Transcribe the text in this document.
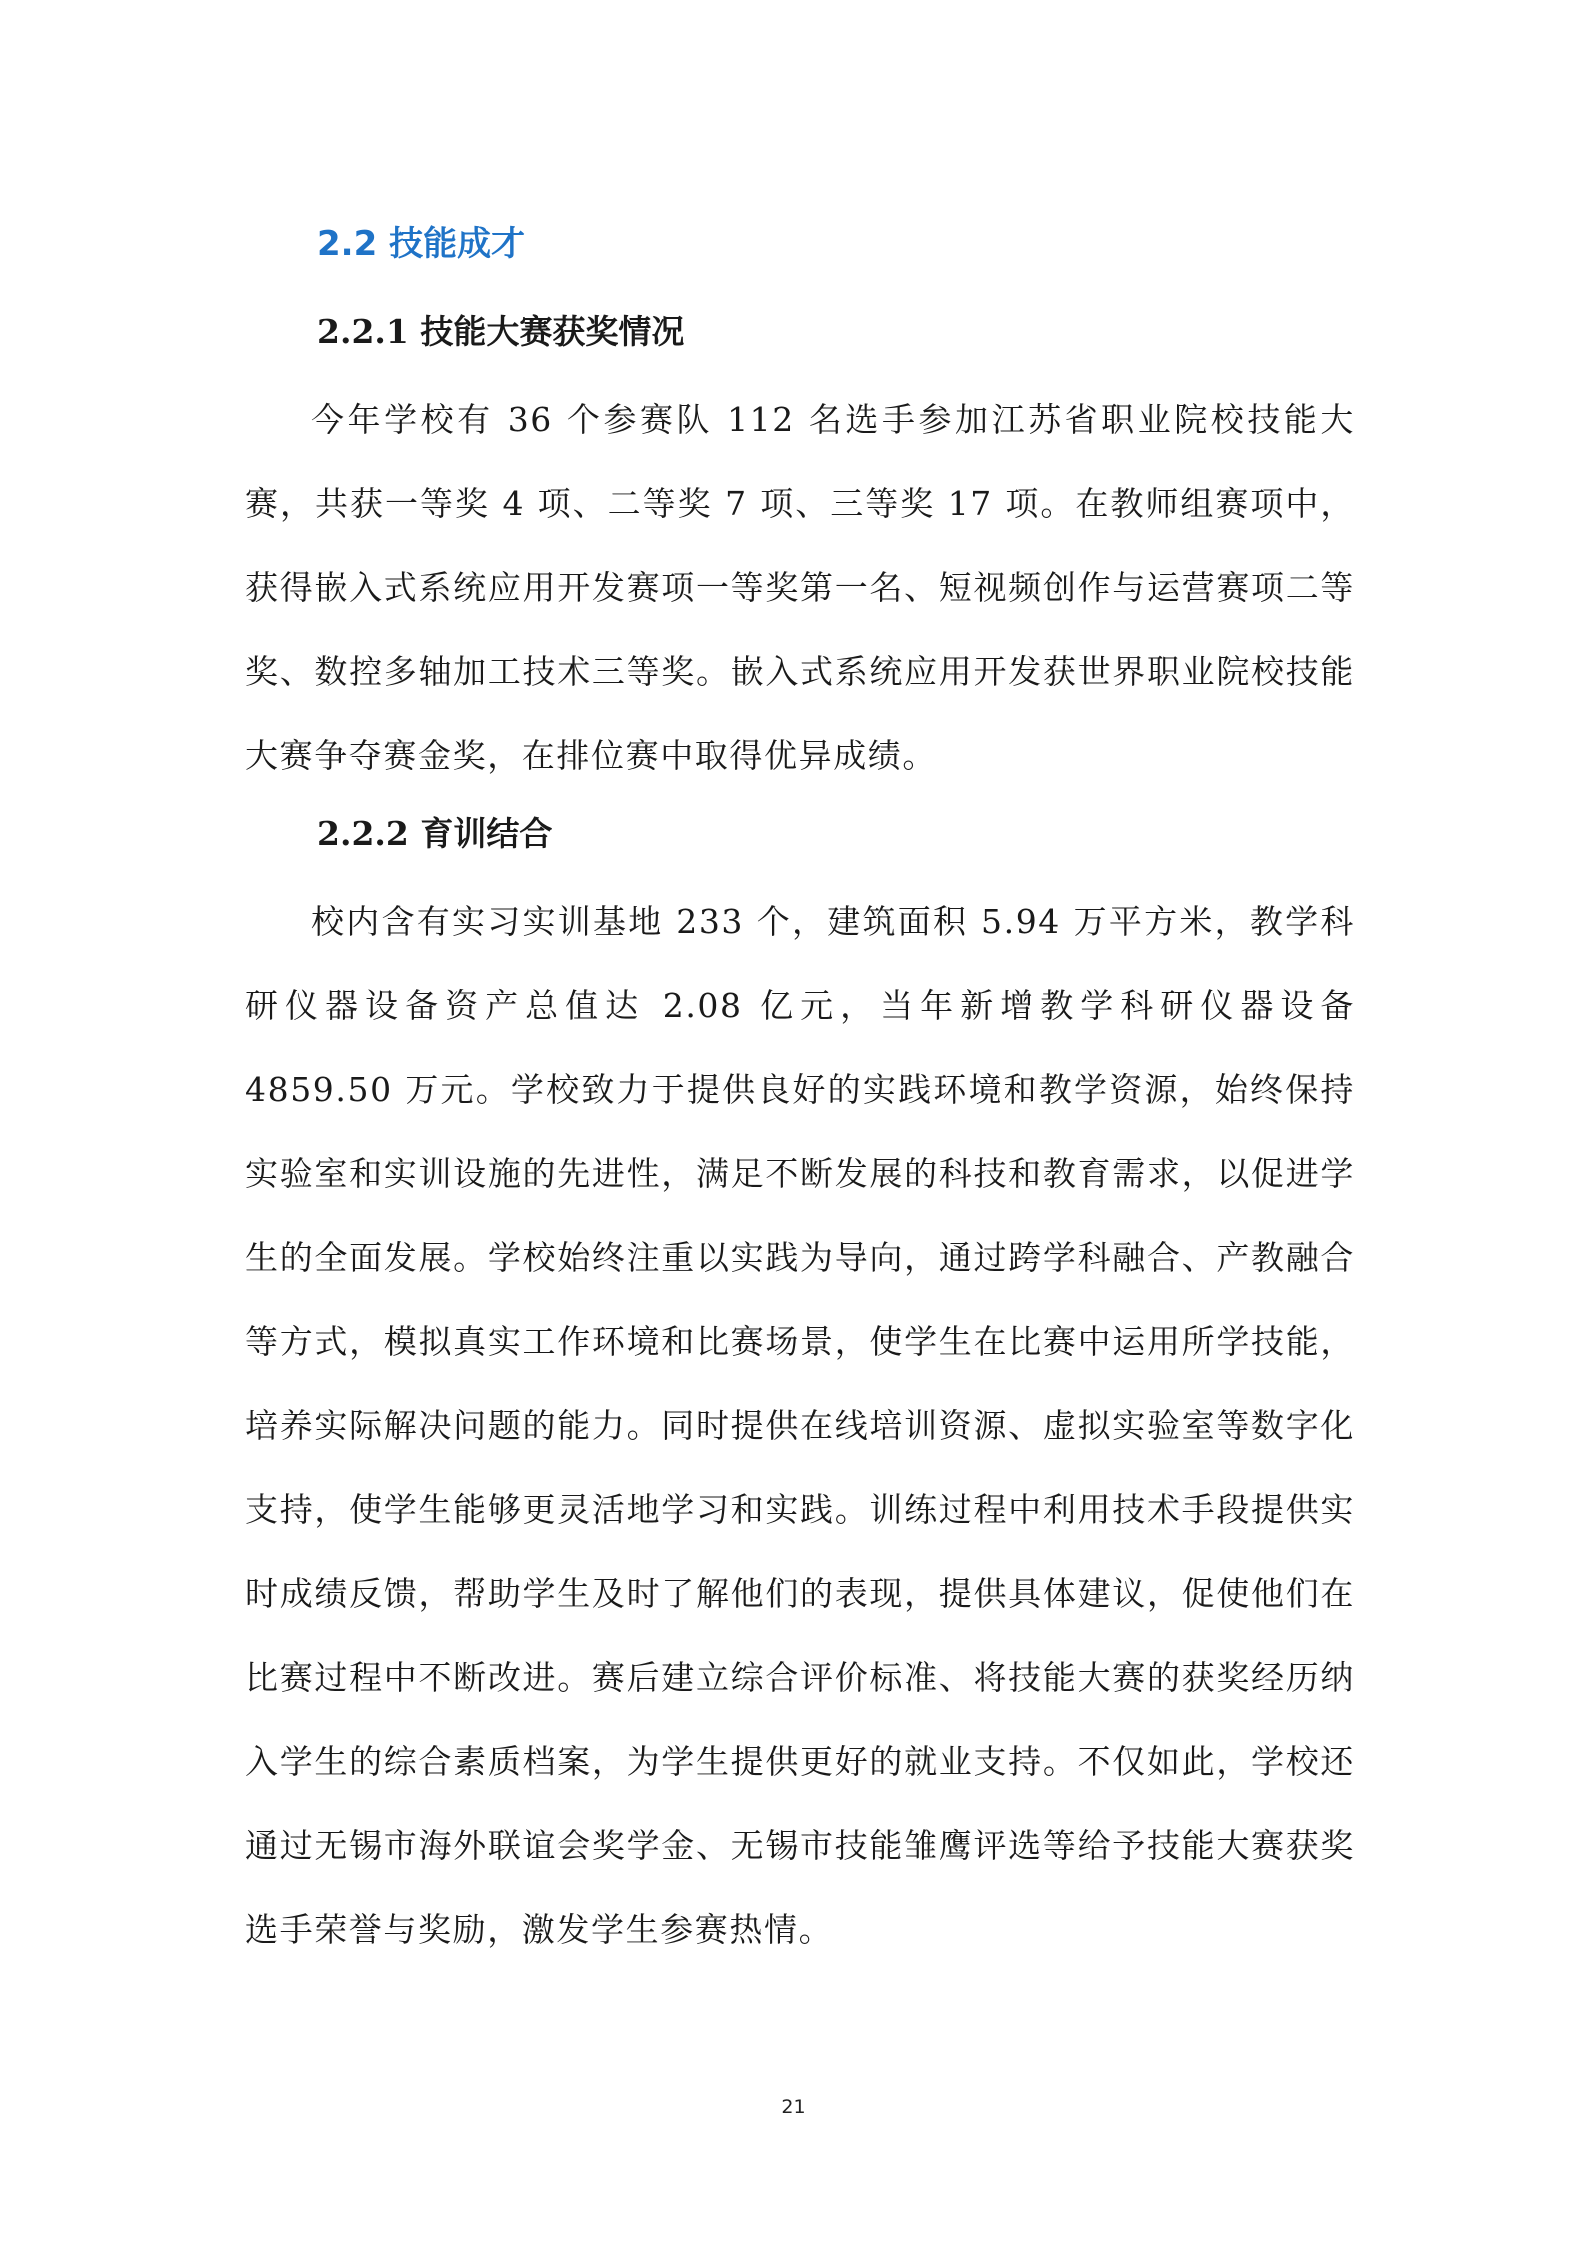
2.2 技能成才
2.2.1 技能大赛获奖情况
今年学校有 36 个参赛队 112 名选手参加江苏省职业院校技能大赛，共获一等奖 4 项、二等奖 7 项、三等奖 17 项。在教师组赛项中，获得嵌入式系统应用开发赛项一等奖第一名、短视频创作与运营赛项二等奖、数控多轴加工技术三等奖。嵌入式系统应用开发获世界职业院校技能大赛争夺赛金奖，在排位赛中取得优异成绩。
2.2.2 育训结合
校内含有实习实训基地 233 个，建筑面积 5.94 万平方米，教学科研仪器设备资产总值达 2.08 亿元，当年新增教学科研仪器设备 4859.50 万元。学校致力于提供良好的实践环境和教学资源，始终保持实验室和实训设施的先进性，满足不断发展的科技和教育需求，以促进学生的全面发展。学校始终注重以实践为导向，通过跨学科融合、产教融合等方式，模拟真实工作环境和比赛场景，使学生在比赛中运用所学技能，培养实际解决问题的能力。同时提供在线培训资源、虚拟实验室等数字化支持，使学生能够更灵活地学习和实践。训练过程中利用技术手段提供实时成绩反馈，帮助学生及时了解他们的表现，提供具体建议，促使他们在比赛过程中不断改进。赛后建立综合评价标准、将技能大赛的获奖经历纳入学生的综合素质档案，为学生提供更好的就业支持。不仅如此，学校还通过无锡市海外联谊会奖学金、无锡市技能雏鹰评选等给予技能大赛获奖选手荣誉与奖励，激发学生参赛热情。
21
